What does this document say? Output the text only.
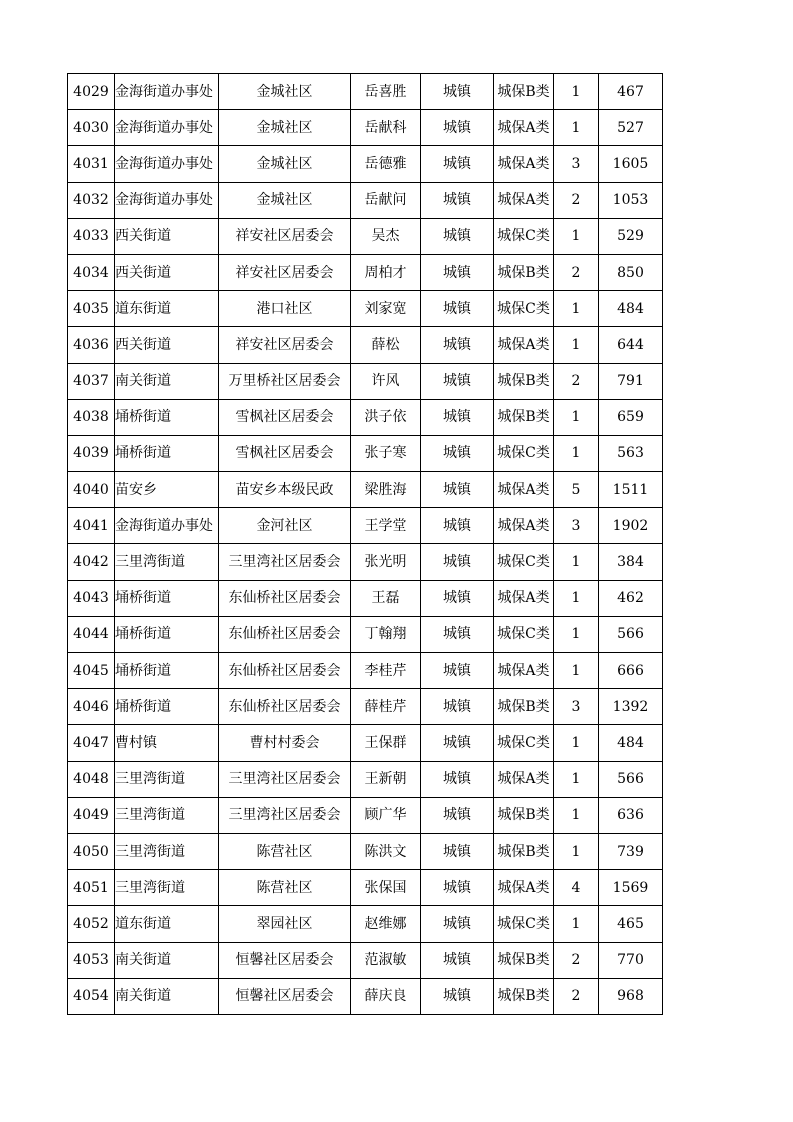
4029	金海街道办事处	金城社区	岳喜胜	城镇	城保B类	1	467
4030	金海街道办事处	金城社区	岳献科	城镇	城保A类	1	527
4031	金海街道办事处	金城社区	岳德雅	城镇	城保A类	3	1605
4032	金海街道办事处	金城社区	岳献问	城镇	城保A类	2	1053
4033	西关街道	祥安社区居委会	吴杰	城镇	城保C类	1	529
4034	西关街道	祥安社区居委会	周柏才	城镇	城保B类	2	850
4035	道东街道	港口社区	刘家宽	城镇	城保C类	1	484
4036	西关街道	祥安社区居委会	薛松	城镇	城保A类	1	644
4037	南关街道	万里桥社区居委会	许风	城镇	城保B类	2	791
4038	埇桥街道	雪枫社区居委会	洪子依	城镇	城保B类	1	659
4039	埇桥街道	雪枫社区居委会	张子寒	城镇	城保C类	1	563
4040	苗安乡	苗安乡本级民政	梁胜海	城镇	城保A类	5	1511
4041	金海街道办事处	金河社区	王学堂	城镇	城保A类	3	1902
4042	三里湾街道	三里湾社区居委会	张光明	城镇	城保C类	1	384
4043	埇桥街道	东仙桥社区居委会	王磊	城镇	城保A类	1	462
4044	埇桥街道	东仙桥社区居委会	丁翰翔	城镇	城保C类	1	566
4045	埇桥街道	东仙桥社区居委会	李桂芹	城镇	城保A类	1	666
4046	埇桥街道	东仙桥社区居委会	薛桂芹	城镇	城保B类	3	1392
4047	曹村镇	曹村村委会	王保群	城镇	城保C类	1	484
4048	三里湾街道	三里湾社区居委会	王新朝	城镇	城保A类	1	566
4049	三里湾街道	三里湾社区居委会	顾广华	城镇	城保B类	1	636
4050	三里湾街道	陈营社区	陈洪文	城镇	城保B类	1	739
4051	三里湾街道	陈营社区	张保国	城镇	城保A类	4	1569
4052	道东街道	翠园社区	赵维娜	城镇	城保C类	1	465
4053	南关街道	恒馨社区居委会	范淑敏	城镇	城保B类	2	770
4054	南关街道	恒馨社区居委会	薛庆良	城镇	城保B类	2	968
